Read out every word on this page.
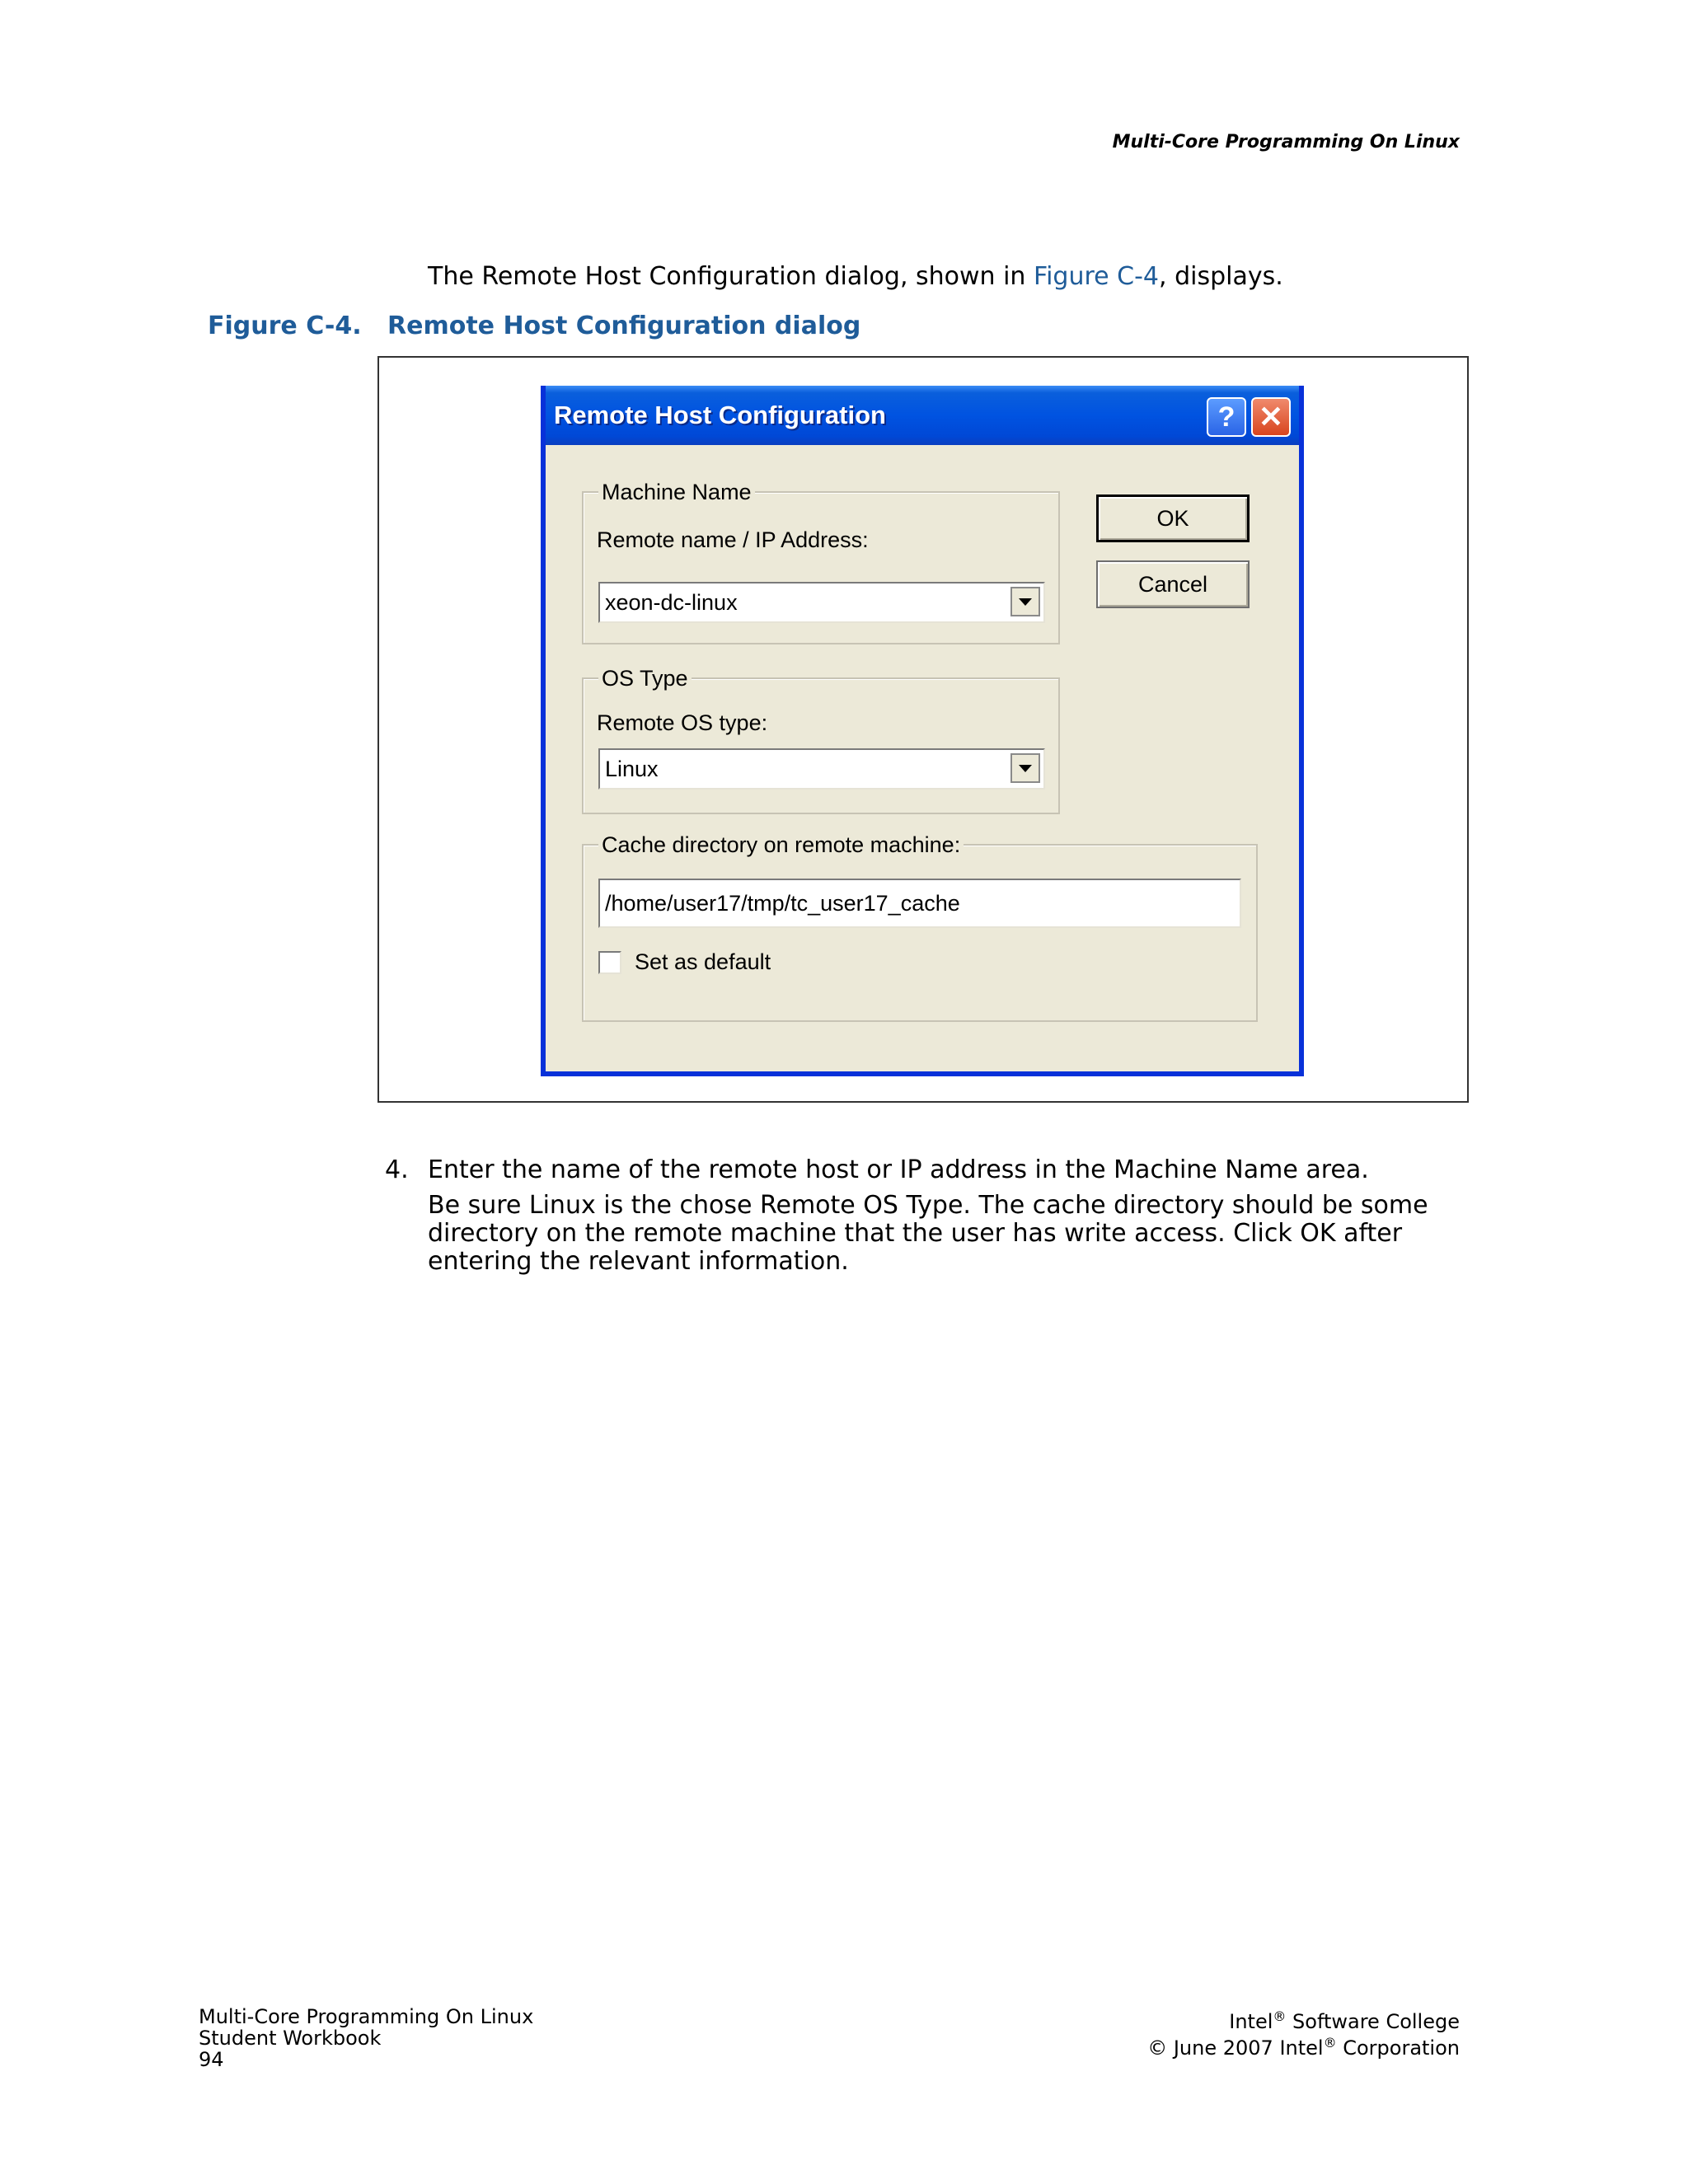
Multi-Core Programming On Linux
The Remote Host Configuration dialog, shown in Figure C-4, displays.
Figure C-4. Remote Host Configuration dialog
Remote Host Configuration	? ✕
Machine Name
Remote name / IP Address:
xeon-dc-linux
OS Type
Remote OS type:
Linux
Cache directory on remote machine:
/home/user17/tmp/tc_user17_cache
Set as default
OK
Cancel
4. Enter the name of the remote host or IP address in the Machine Name area.
Be sure Linux is the chose Remote OS Type. The cache directory should be some directory on the remote machine that the user has write access. Click OK after entering the relevant information.
Multi-Core Programming On Linux
Student Workbook
94
Intel® Software College
© June 2007 Intel® Corporation
